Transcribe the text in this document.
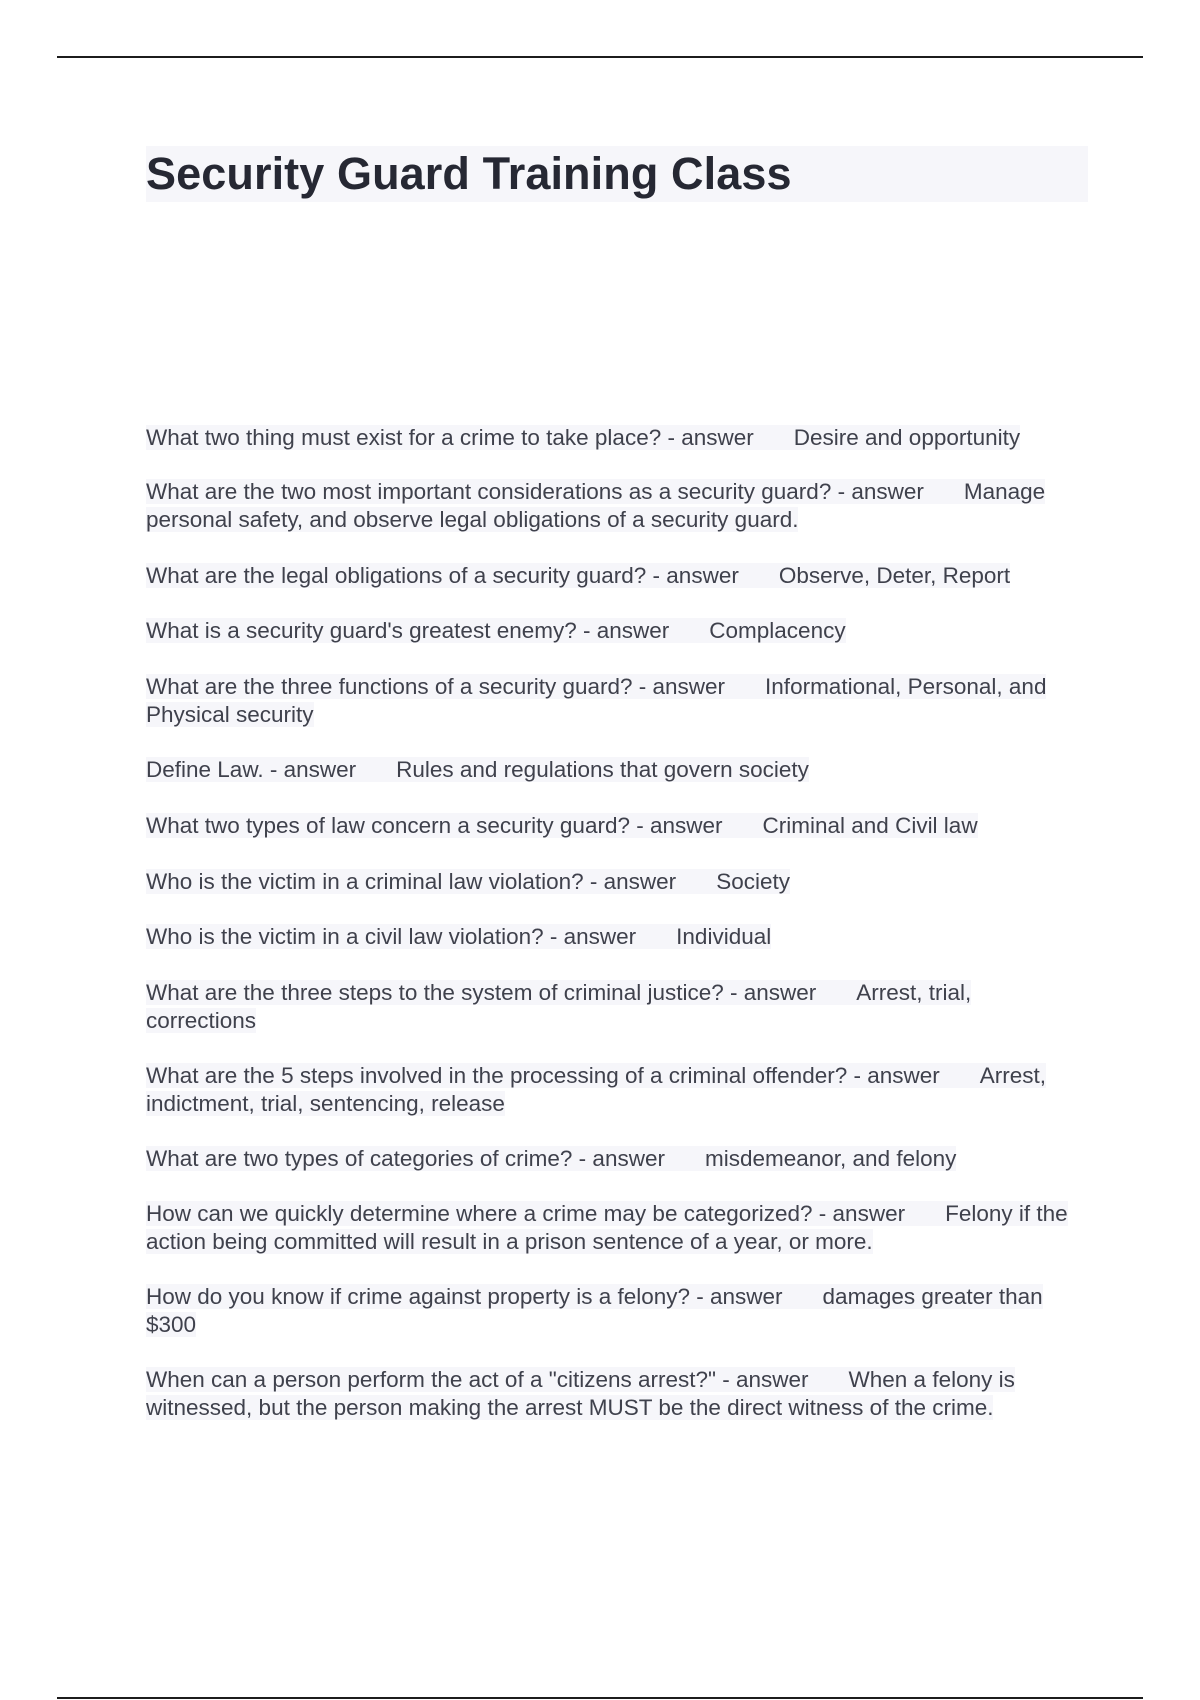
Security Guard Training Class

What two thing must exist for a crime to take place? - answer Desire and opportunity

What are the two most important considerations as a security guard? - answer Manage personal safety, and observe legal obligations of a security guard.

What are the legal obligations of a security guard? - answer Observe, Deter, Report

What is a security guard's greatest enemy? - answer Complacency

What are the three functions of a security guard? - answer Informational, Personal, and Physical security

Define Law. - answer Rules and regulations that govern society

What two types of law concern a security guard? - answer Criminal and Civil law

Who is the victim in a criminal law violation? - answer Society

Who is the victim in a civil law violation? - answer Individual

What are the three steps to the system of criminal justice? - answer Arrest, trial, corrections

What are the 5 steps involved in the processing of a criminal offender? - answer Arrest, indictment, trial, sentencing, release

What are two types of categories of crime? - answer misdemeanor, and felony

How can we quickly determine where a crime may be categorized? - answer Felony if the action being committed will result in a prison sentence of a year, or more.

How do you know if crime against property is a felony? - answer damages greater than $300

When can a person perform the act of a "citizens arrest?" - answer When a felony is witnessed, but the person making the arrest MUST be the direct witness of the crime.
